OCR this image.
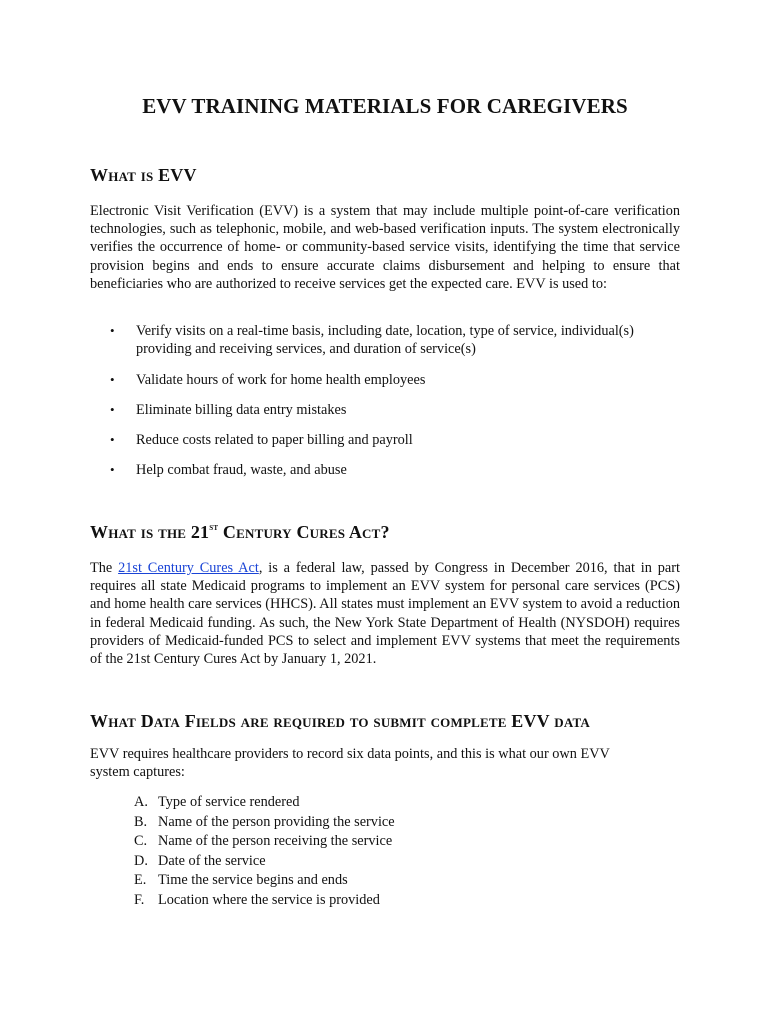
EVV TRAINING MATERIALS FOR CAREGIVERS
What is EVV

Electronic Visit Verification (EVV) is a system that may include multiple point-of-care verification technologies, such as telephonic, mobile, and web-based verification inputs. The system electronically verifies the occurrence of home- or community-based service visits, identifying the time that service provision begins and ends to ensure accurate claims disbursement and helping to ensure that beneficiaries who are authorized to receive services get the expected care. EVV is used to:

• Verify visits on a real-time basis, including date, location, type of service, individual(s) providing and receiving services, and duration of service(s)
• Validate hours of work for home health employees
• Eliminate billing data entry mistakes
• Reduce costs related to paper billing and payroll
• Help combat fraud, waste, and abuse
What is the 21st Century Cures Act?

The 21st Century Cures Act, is a federal law, passed by Congress in December 2016, that in part requires all state Medicaid programs to implement an EVV system for personal care services (PCS) and home health care services (HHCS). All states must implement an EVV system to avoid a reduction in federal Medicaid funding. As such, the New York State Department of Health (NYSDOH) requires providers of Medicaid-funded PCS to select and implement EVV systems that meet the requirements of the 21st Century Cures Act by January 1, 2021.

What Data Fields are required to submit complete EVV data

EVV requires healthcare providers to record six data points, and this is what our own EVV system captures:

A. Type of service rendered
B. Name of the person providing the service
C. Name of the person receiving the service
D. Date of the service
E. Time the service begins and ends
F. Location where the service is provided
